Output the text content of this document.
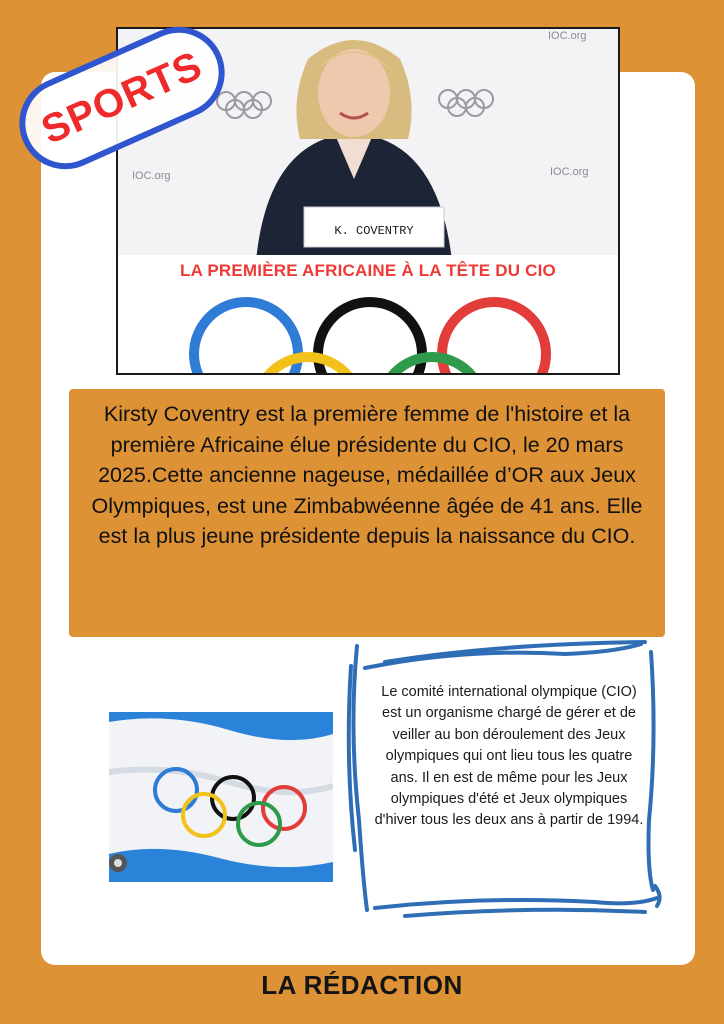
IOC.org
IOC.org	IOC.org
K. COVENTRY
LA PREMIÈRE AFRICAINE À LA TÊTE DU CIO
SPORTS
Kirsty Coventry est la première femme de l'histoire et la première Africaine élue présidente du CIO, le 20 mars 2025.Cette ancienne nageuse, médaillée d’OR aux Jeux Olympiques, est une Zimbabwéenne âgée de 41 ans. Elle est la plus jeune présidente depuis la naissance du CIO.
Le comité international olympique (CIO) est un organisme chargé de gérer et de veiller au bon déroulement des Jeux olympiques qui ont lieu tous les quatre ans. Il en est de même pour les Jeux olympiques d'été et Jeux olympiques d'hiver tous les deux ans à partir de 1994.
LA RÉDACTION
